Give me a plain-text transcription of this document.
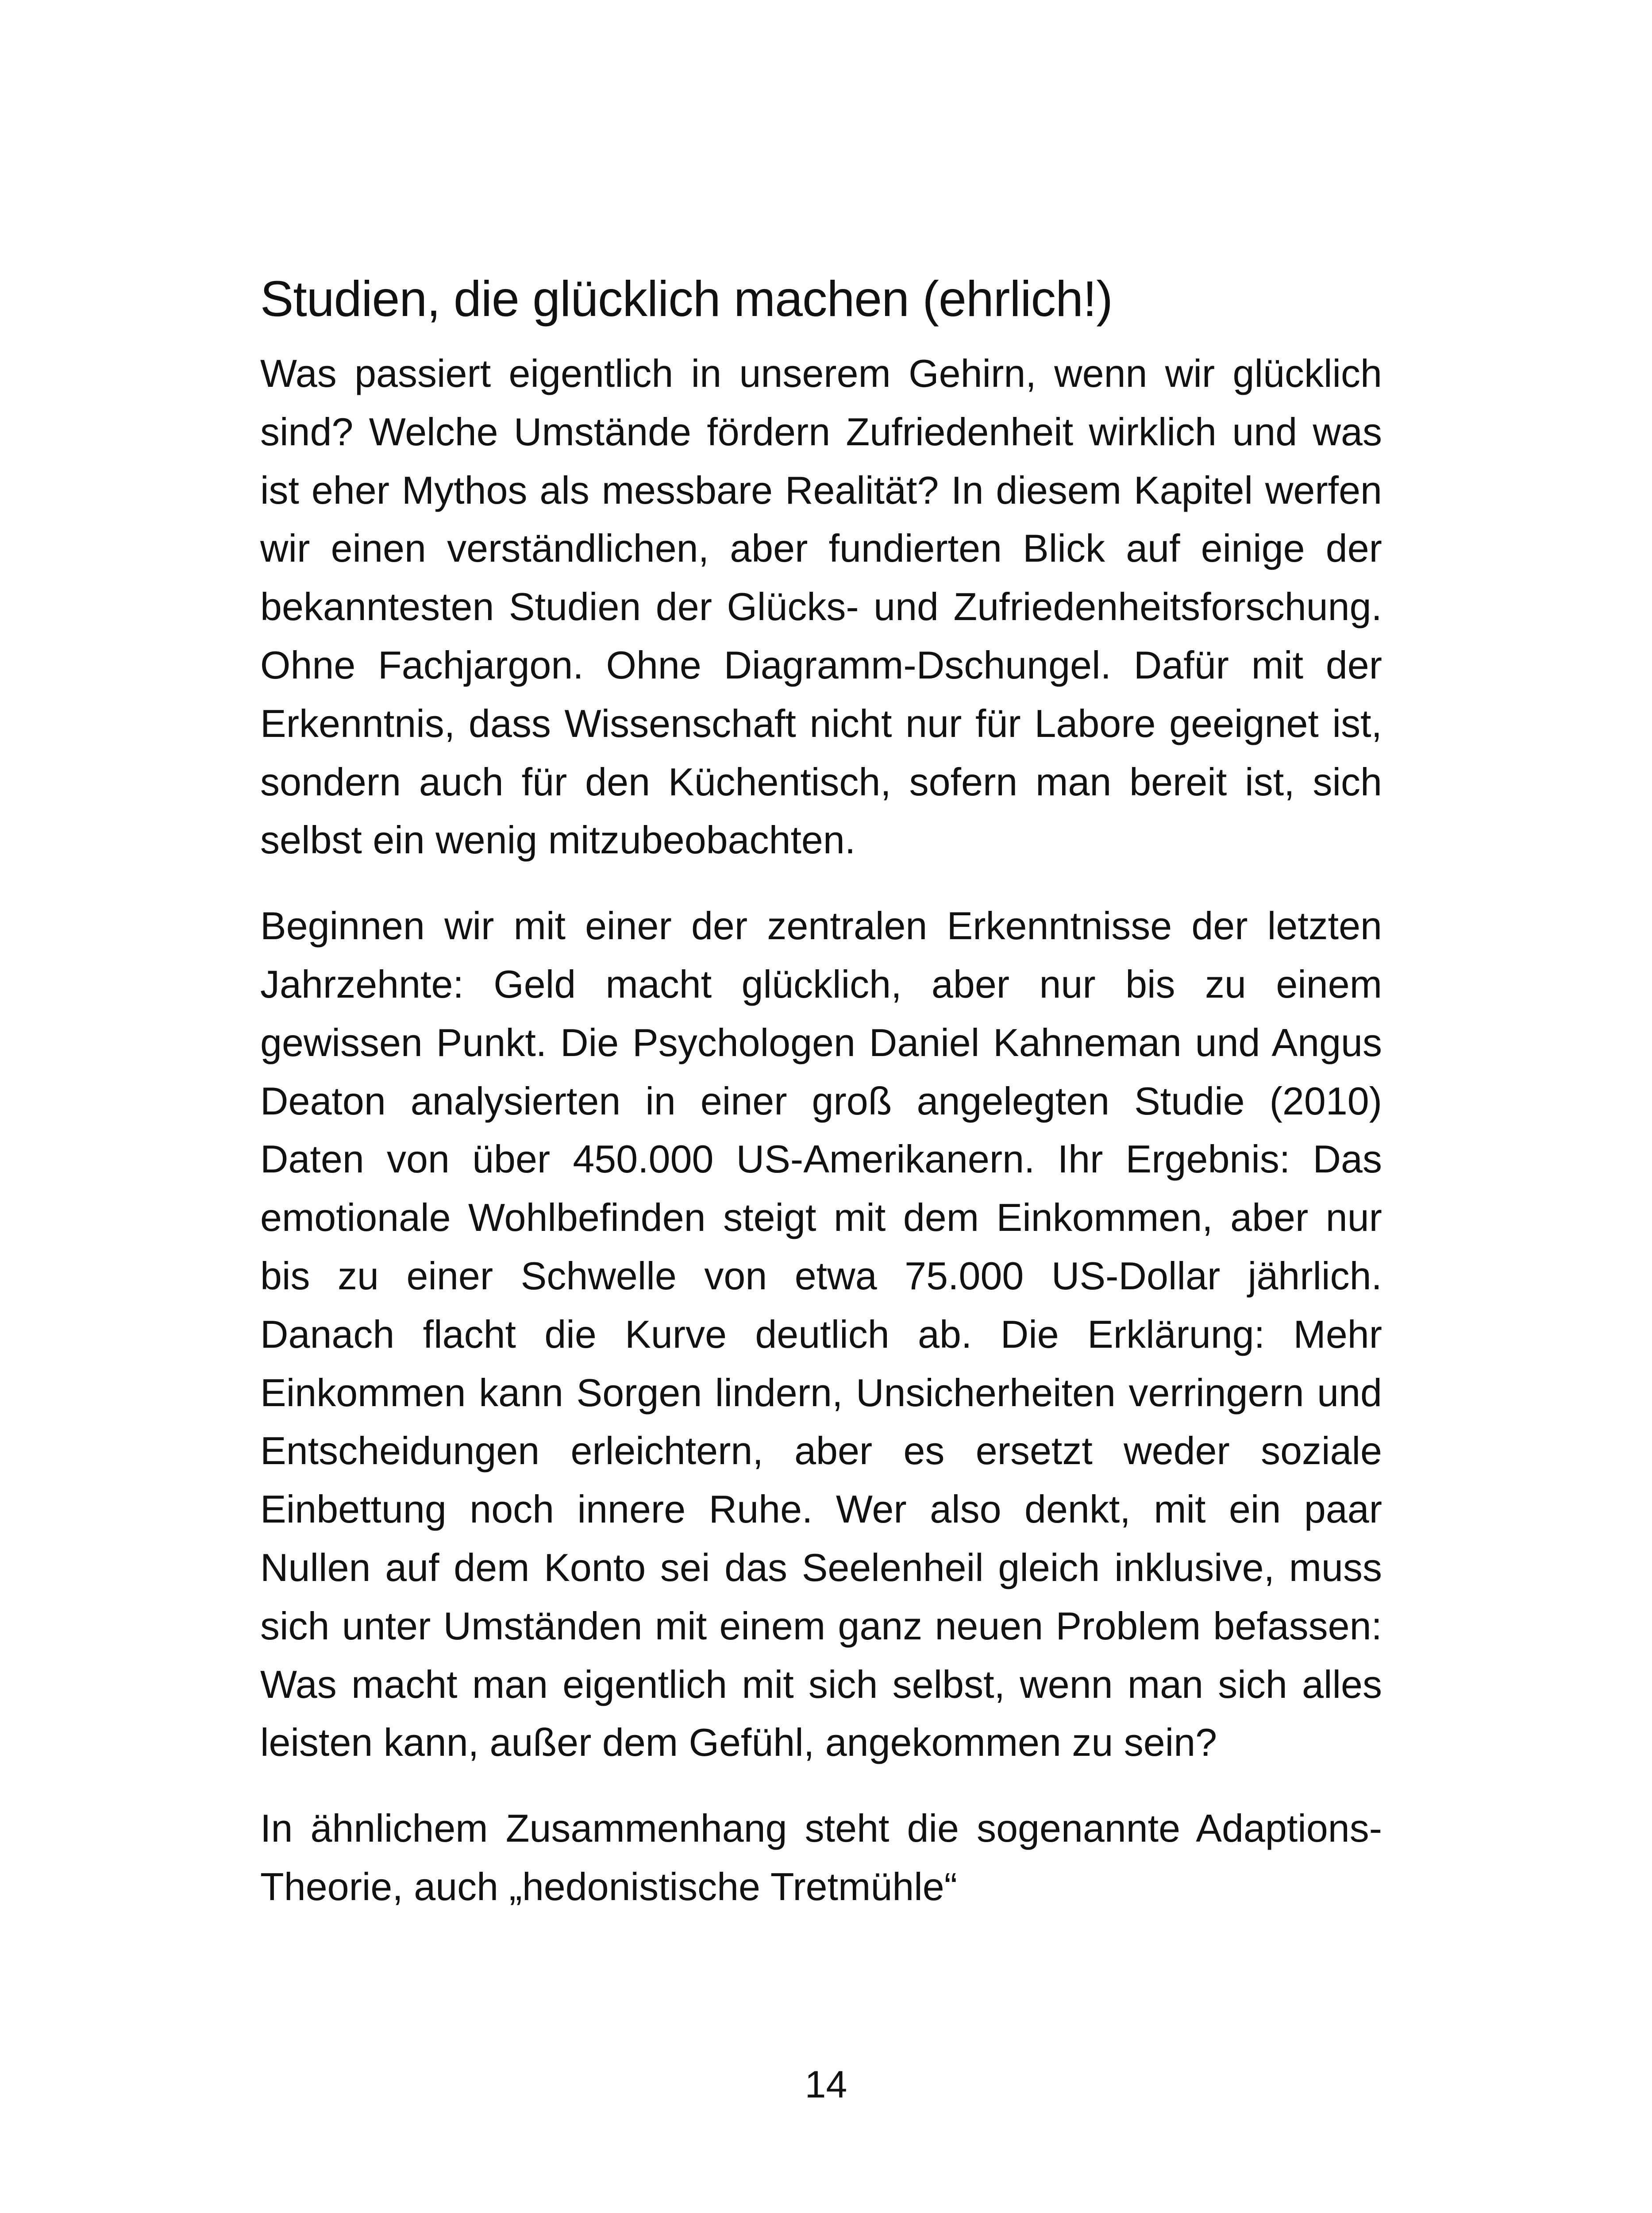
Studien, die glücklich machen (ehrlich!)

Was passiert eigentlich in unserem Gehirn, wenn wir glücklich sind? Welche Umstände fördern Zufriedenheit wirklich und was ist eher Mythos als messbare Realität? In diesem Kapitel werfen wir einen verständlichen, aber fundierten Blick auf einige der bekanntesten Studien der Glücks- und Zufriedenheitsforschung. Ohne Fachjargon. Ohne Diagramm-Dschungel. Dafür mit der Erkenntnis, dass Wissenschaft nicht nur für Labore geeignet ist, sondern auch für den Küchentisch, sofern man bereit ist, sich selbst ein wenig mitzubeobachten.

Beginnen wir mit einer der zentralen Erkenntnisse der letzten Jahrzehnte: Geld macht glücklich, aber nur bis zu einem gewissen Punkt. Die Psychologen Daniel Kahneman und Angus Deaton analysierten in einer groß angelegten Studie (2010) Daten von über 450.000 US-Amerikanern. Ihr Ergebnis: Das emotionale Wohlbefinden steigt mit dem Einkommen, aber nur bis zu einer Schwelle von etwa 75.000 US-Dollar jährlich. Danach flacht die Kurve deutlich ab. Die Erklärung: Mehr Einkommen kann Sorgen lindern, Unsicherheiten verringern und Entscheidungen erleichtern, aber es ersetzt weder soziale Einbettung noch innere Ruhe. Wer also denkt, mit ein paar Nullen auf dem Konto sei das Seelenheil gleich inklusive, muss sich unter Umständen mit einem ganz neuen Problem befassen: Was macht man eigentlich mit sich selbst, wenn man sich alles leisten kann, außer dem Gefühl, angekommen zu sein?

In ähnlichem Zusammenhang steht die sogenannte Adaptions-Theorie, auch „hedonistische Tretmühle“

14
